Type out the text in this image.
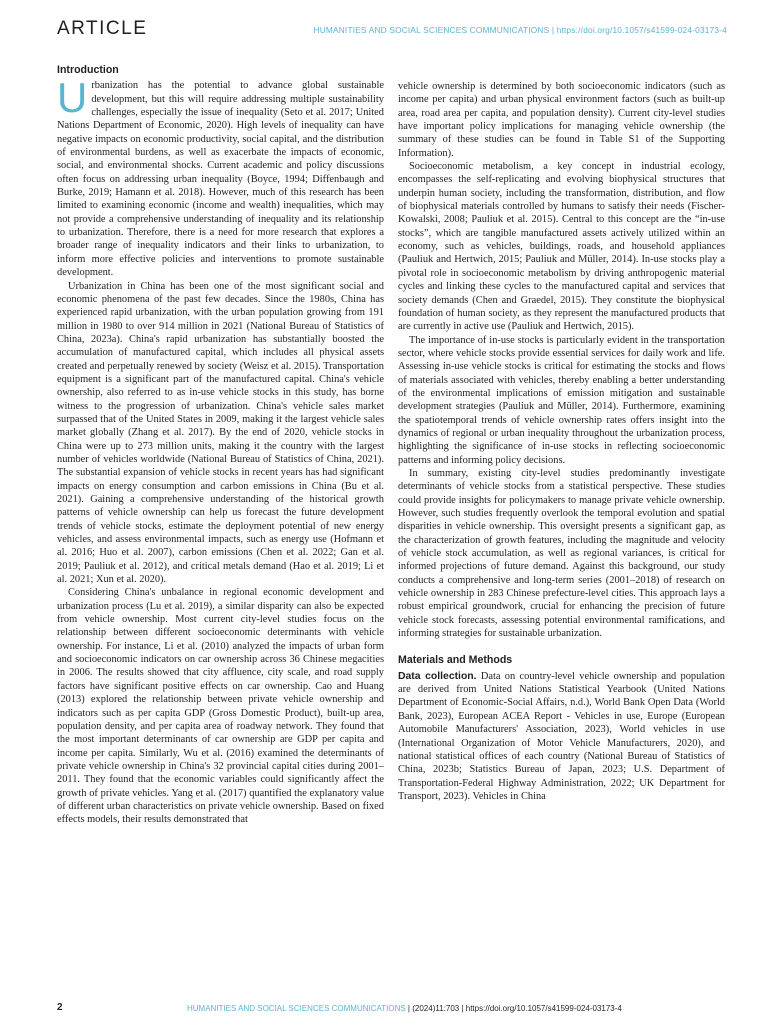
ARTICLE	HUMANITIES AND SOCIAL SCIENCES COMMUNICATIONS | https://doi.org/10.1057/s41599-024-03173-4
Introduction

Urbanization has the potential to advance global sustainable development, but this will require addressing multiple sustainability challenges, especially the issue of inequality (Seto et al. 2017; United Nations Department of Economic, 2020). High levels of inequality can have negative impacts on economic productivity, social capital, and the distribution of environmental burdens, as well as exacerbate the impacts of economic, social, and environmental shocks. Current academic and policy discussions often focus on addressing urban inequality (Boyce, 1994; Diffenbaugh and Burke, 2019; Hamann et al. 2018). However, much of this research has been limited to examining economic (income and wealth) inequalities, which may not provide a comprehensive understanding of inequality and its relationship to urbanization. Therefore, there is a need for more research that explores a broader range of inequality indicators and their links to urbanization, to inform more effective policies and interventions to promote sustainable development.

Urbanization in China has been one of the most significant social and economic phenomena of the past few decades. Since the 1980s, China has experienced rapid urbanization, with the urban population growing from 191 million in 1980 to over 914 million in 2021 (National Bureau of Statistics of China, 2023a). China's rapid urbanization has substantially boosted the accumulation of manufactured capital, which includes all physical assets created and perpetually renewed by society (Weisz et al. 2015). Transportation equipment is a significant part of the manufactured capital. China's vehicle ownership, also referred to as in-use vehicle stocks in this study, has borne witness to the progression of urbanization. China's vehicle sales market surpassed that of the United States in 2009, making it the largest vehicle sales market globally (Zhang et al. 2017). By the end of 2020, vehicle stocks in China were up to 273 million units, making it the country with the largest number of vehicles worldwide (National Bureau of Statistics of China, 2021). The substantial expansion of vehicle stocks in recent years has had significant impacts on energy consumption and carbon emissions in China (Bu et al. 2021). Gaining a comprehensive understanding of the historical growth patterns of vehicle ownership can help us forecast the future development trends of vehicle stocks, estimate the deployment potential of new energy vehicles, and assess environmental impacts, such as energy use (Hofmann et al. 2016; Huo et al. 2007), carbon emissions (Chen et al. 2022; Gan et al. 2019; Pauliuk et al. 2012), and critical metals demand (Hao et al. 2019; Li et al. 2021; Xun et al. 2020).

Considering China's unbalance in regional economic development and urbanization process (Lu et al. 2019), a similar disparity can also be expected from vehicle ownership. Most current city-level studies focus on the relationship between different socioeconomic determinants with vehicle ownership. For instance, Li et al. (2010) analyzed the impacts of urban form and socioeconomic indicators on car ownership across 36 Chinese megacities in 2006. The results showed that city affluence, city scale, and road supply factors have significant positive effects on car ownership. Cao and Huang (2013) explored the relationship between private vehicle ownership and indicators such as per capita GDP (Gross Domestic Product), built-up area, population density, and per capita area of roadway network. They found that the most important determinants of car ownership are GDP per capita and income per capita. Similarly, Wu et al. (2016) examined the determinants of private vehicle ownership in China's 32 provincial capital cities during 2001–2011. They found that the economic variables could significantly affect the growth of private vehicles. Yang et al. (2017) quantified the explanatory value of different urban characteristics on private vehicle ownership. Based on fixed effects models, their results demonstrated that

vehicle ownership is determined by both socioeconomic indicators (such as income per capita) and urban physical environment factors (such as built-up area, road area per capita, and population density). Current city-level studies have important policy implications for managing vehicle ownership (the summary of these studies can be found in Table S1 of the Supporting Information).

Socioeconomic metabolism, a key concept in industrial ecology, encompasses the self-replicating and evolving biophysical structures that underpin human society, including the transformation, distribution, and flow of biophysical materials controlled by humans to satisfy their needs (Fischer-Kowalski, 2008; Pauliuk et al. 2015). Central to this concept are the “in-use stocks”, which are tangible manufactured assets actively utilized within an economy, such as vehicles, buildings, roads, and household appliances (Pauliuk and Hertwich, 2015; Pauliuk and Müller, 2014). In-use stocks play a pivotal role in socioeconomic metabolism by driving anthropogenic material cycles and linking these cycles to the manufactured capital and services that society demands (Chen and Graedel, 2015). They constitute the biophysical foundation of human society, as they represent the manufactured products that are currently in active use (Pauliuk and Hertwich, 2015).

The importance of in-use stocks is particularly evident in the transportation sector, where vehicle stocks provide essential services for daily work and life. Assessing in-use vehicle stocks is critical for estimating the stocks and flows of materials associated with vehicles, thereby enabling a better understanding of the environmental implications of emission mitigation and sustainable development strategies (Pauliuk and Müller, 2014). Furthermore, examining the spatiotemporal trends of vehicle ownership rates offers insight into the dynamics of regional or urban inequality throughout the urbanization process, highlighting the significance of in-use stocks in reflecting socioeconomic patterns and informing policy decisions.

In summary, existing city-level studies predominantly investigate determinants of vehicle stocks from a statistical perspective. These studies could provide insights for policymakers to manage private vehicle ownership. However, such studies frequently overlook the temporal evolution and spatial disparities in vehicle ownership. This oversight presents a significant gap, as the characterization of growth features, including the magnitude and velocity of vehicle stock accumulation, as well as regional variances, is critical for informed projections of future demand. Against this background, our study conducts a comprehensive and long-term series (2001–2018) of research on vehicle ownership in 283 Chinese prefecture-level cities. This approach lays a robust empirical groundwork, crucial for enhancing the precision of future vehicle stock forecasts, assessing potential environmental ramifications, and informing strategies for sustainable urbanization.

Materials and Methods

Data collection. Data on country-level vehicle ownership and population are derived from United Nations Statistical Yearbook (United Nations Department of Economic-Social Affairs, n.d.), World Bank Open Data (World Bank, 2023), European ACEA Report - Vehicles in use, Europe (European Automobile Manufacturers' Association, 2023), World vehicles in use (International Organization of Motor Vehicle Manufacturers, 2020), and national statistical offices of each country (National Bureau of Statistics of China, 2023b; Statistics Bureau of Japan, 2023; U.S. Department of Transportation-Federal Highway Administration, 2022; UK Department for Transport, 2023). Vehicles in China

2	HUMANITIES AND SOCIAL SCIENCES COMMUNICATIONS | (2024)11:703 | https://doi.org/10.1057/s41599-024-03173-4
